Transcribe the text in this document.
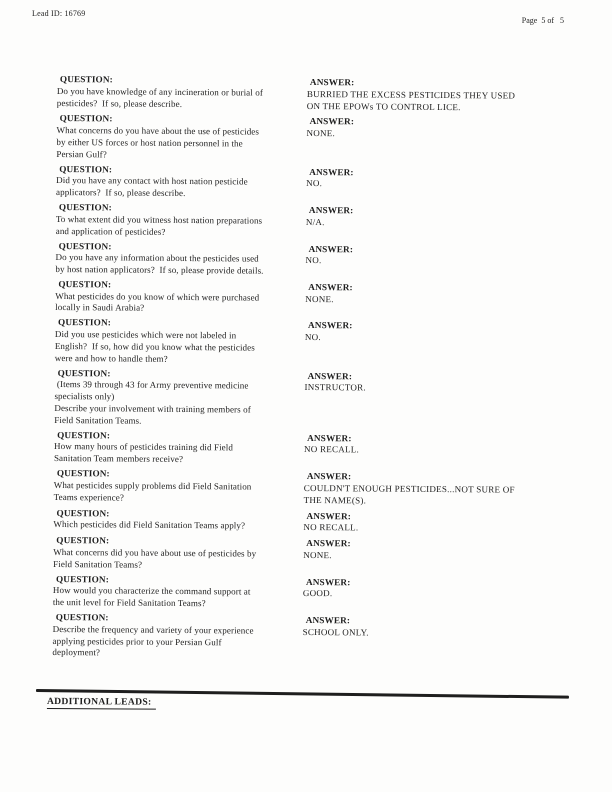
Lead ID: 16769
Page  5 of   5
QUESTION:
Do you have knowledge of any incineration or burial of
pesticides?  If so, please describe.
ANSWER:
BURRIED THE EXCESS PESTICIDES THEY USED
ON THE EPOWs TO CONTROL LICE.
QUESTION:
What concerns do you have about the use of pesticides
by either US forces or host nation personnel in the
Persian Gulf?
ANSWER:
NONE.
QUESTION:
Did you have any contact with host nation pesticide
applicators?  If so, please describe.
ANSWER:
NO.
QUESTION:
To what extent did you witness host nation preparations
and application of pesticides?
ANSWER:
N/A.
QUESTION:
Do you have any information about the pesticides used
by host nation applicators?  If so, please provide details.
ANSWER:
NO.
QUESTION:
What pesticides do you know of which were purchased
locally in Saudi Arabia?
ANSWER:
NONE.
QUESTION:
Did you use pesticides which were not labeled in
English?  If so, how did you know what the pesticides
were and how to handle them?
ANSWER:
NO.
QUESTION:
(Items 39 through 43 for Army preventive medicine
specialists only)
Describe your involvement with training members of
Field Sanitation Teams.
ANSWER:
INSTRUCTOR.
QUESTION:
How many hours of pesticides training did Field
Sanitation Team members receive?
ANSWER:
NO RECALL.
QUESTION:
What pesticides supply problems did Field Sanitation
Teams experience?
ANSWER:
COULDN'T ENOUGH PESTICIDES...NOT SURE OF
THE NAME(S).
QUESTION:
Which pesticides did Field Sanitation Teams apply?
ANSWER:
NO RECALL.
QUESTION:
What concerns did you have about use of pesticides by
Field Sanitation Teams?
ANSWER:
NONE.
QUESTION:
How would you characterize the command support at
the unit level for Field Sanitation Teams?
ANSWER:
GOOD.
QUESTION:
Describe the frequency and variety of your experience
applying pesticides prior to your Persian Gulf
deployment?
ANSWER:
SCHOOL ONLY.
ADDITIONAL LEADS:
